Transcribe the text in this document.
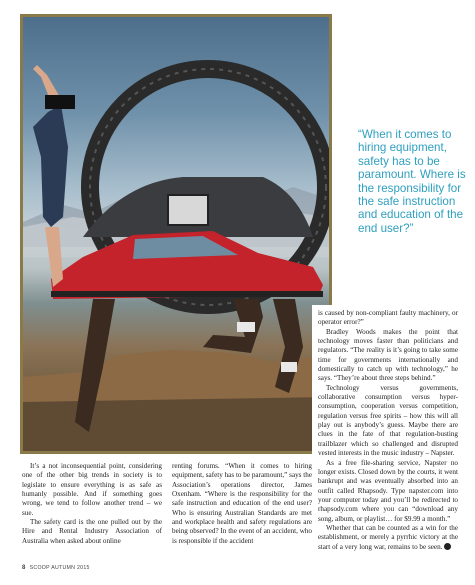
“When it comes to hiring equipment, safety has to be paramount. Where is the responsibility for the safe instruction and education of the end user?”

is caused by non-compliant faulty machinery, or operator error?”

Bradley Woods makes the point that technology moves faster than politicians and regulators. “The reality is it’s going to take some time for governments internationally and domestically to catch up with technology,” he says. “They’re about three steps behind.”

Technology versus governments, collaborative consumption versus hyper-consumption, cooperation versus competition, regulation versus free spirits – how this will all play out is anybody’s guess. Maybe there are clues in the fate of that regulation-busting trailblazer which so challenged and disrupted vested interests in the music industry – Napster.

As a free file-sharing service, Napster no longer exists. Closed down by the courts, it went bankrupt and was eventually absorbed into an outfit called Rhapsody. Type napster.com into your computer today and you’ll be redirected to rhapsody.com where you can “download any song, album, or playlist… for $9.99 a month.”

Whether that can be counted as a win for the establishment, or merely a pyrrhic victory at the start of a very long war, remains to be seen.

It’s a not inconsequential point, considering one of the other big trends in society is to legislate to ensure everything is as safe as humanly possible. And if something goes wrong, we tend to follow another trend – we sue.

The safety card is the one pulled out by the Hire and Rental Industry Association of Australia when asked about online

renting forums. “When it comes to hiring equipment, safety has to be paramount,” says the Association’s operations director, James Oxenham. “Where is the responsibility for the safe instruction and education of the end user? Who is ensuring Australian Standards are met and workplace health and safety regulations are being observed? In the event of an accident, who is responsible if the accident

8 SCOOP AUTUMN 2015
